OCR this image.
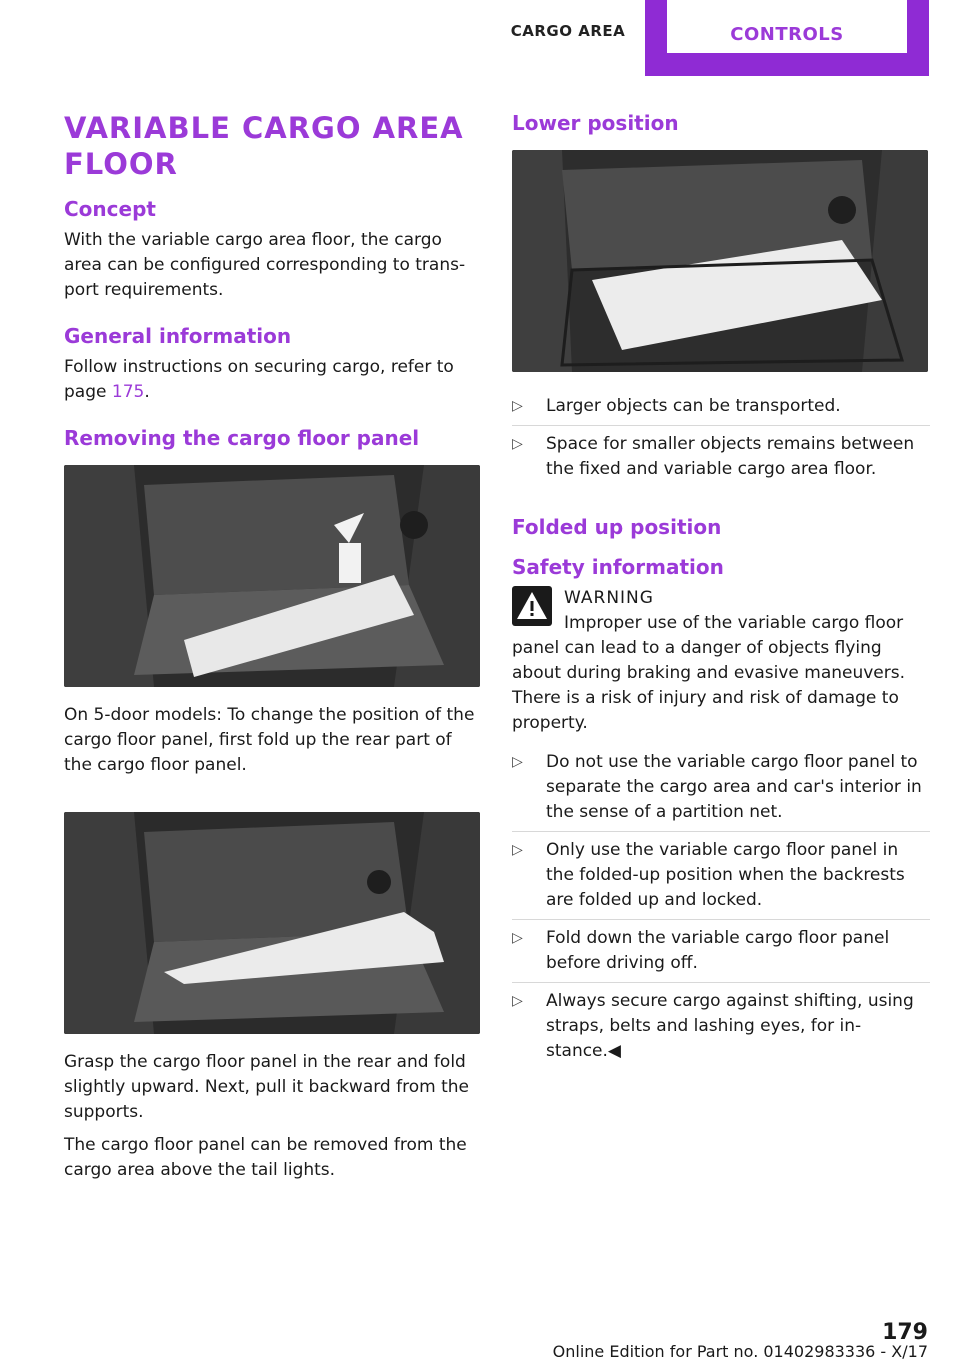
CARGO AREA	CONTROLS
VARIABLE CARGO AREA FLOOR
Concept

With the variable cargo area floor, the cargo area can be configured corresponding to trans-port requirements.

General information

Follow instructions on securing cargo, refer to page 175.

Removing the cargo floor panel

On 5-door models: To change the position of the cargo floor panel, first fold up the rear part of the cargo floor panel.

Grasp the cargo floor panel in the rear and fold slightly upward. Next, pull it backward from the supports.

The cargo floor panel can be removed from the cargo area above the tail lights.

Lower position
▷ Larger objects can be transported.
▷ Space for smaller objects remains between the fixed and variable cargo area floor.
Folded up position
Safety information
WARNING

Improper use of the variable cargo floor panel can lead to a danger of objects flying about during braking and evasive maneuvers. There is a risk of injury and risk of damage to property.

▷ Do not use the variable cargo floor panel to separate the cargo area and car's interior in the sense of a partition net.
▷ Only use the variable cargo floor panel in the folded-up position when the backrests are folded up and locked.
▷ Fold down the variable cargo floor panel before driving off.
▷ Always secure cargo against shifting, using straps, belts and lashing eyes, for in-stance.◀
179
Online Edition for Part no. 01402983336 - X/17
